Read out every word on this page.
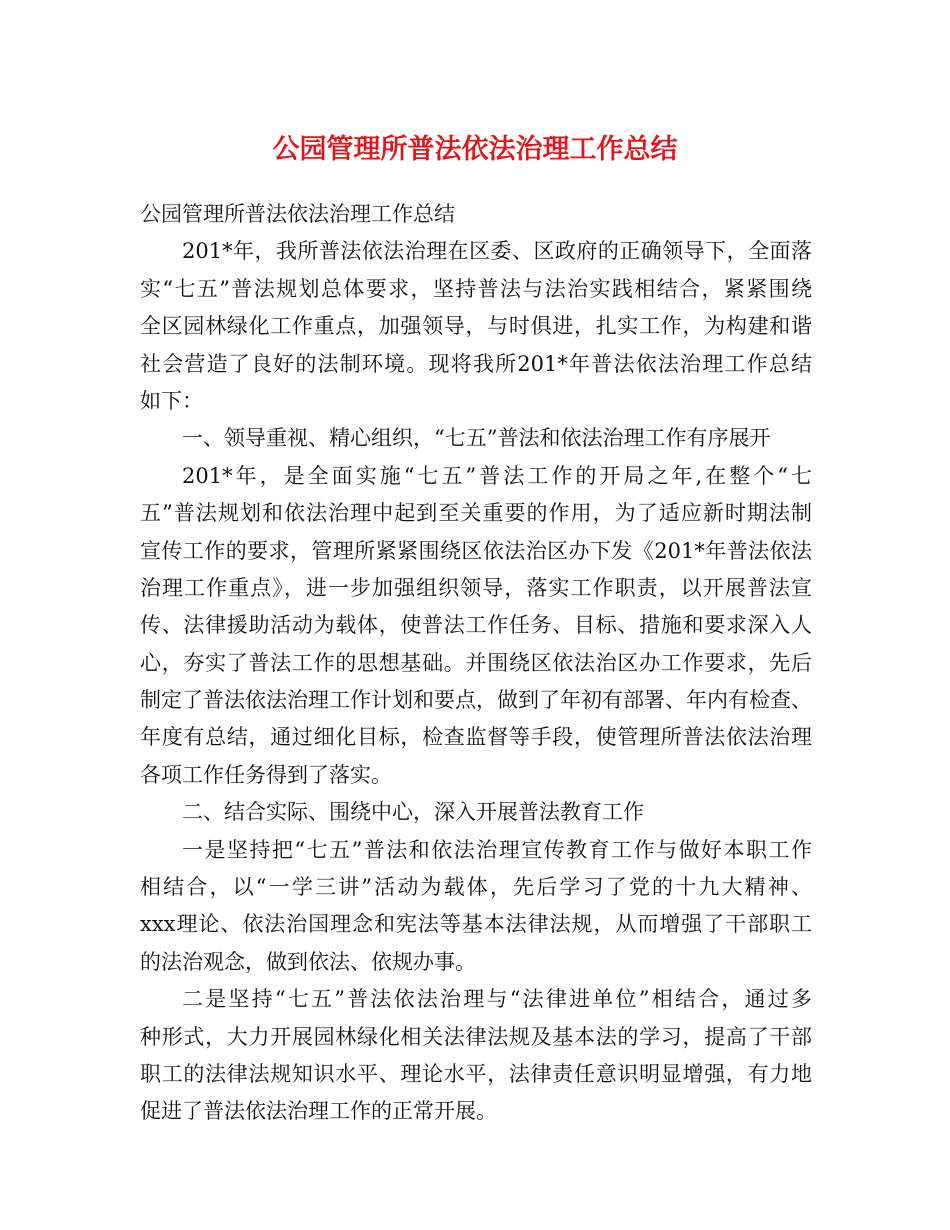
公园管理所普法依法治理工作总结
公园管理所普法依法治理工作总结
201*年，我所普法依法治理在区委、区政府的正确领导下，全面落
实“七五”普法规划总体要求，坚持普法与法治实践相结合，紧紧围绕
全区园林绿化工作重点，加强领导，与时俱进，扎实工作，为构建和谐
社会营造了良好的法制环境。现将我所201*年普法依法治理工作总结
如下：
一、领导重视、精心组织，“七五”普法和依法治理工作有序展开
201*年，是全面实施“七五”普法工作的开局之年,在整个“七
五”普法规划和依法治理中起到至关重要的作用，为了适应新时期法制
宣传工作的要求，管理所紧紧围绕区依法治区办下发《201*年普法依法
治理工作重点》，进一步加强组织领导，落实工作职责，以开展普法宣
传、法律援助活动为载体，使普法工作任务、目标、措施和要求深入人
心，夯实了普法工作的思想基础。并围绕区依法治区办工作要求，先后
制定了普法依法治理工作计划和要点，做到了年初有部署、年内有检查、
年度有总结，通过细化目标，检查监督等手段，使管理所普法依法治理
各项工作任务得到了落实。
二、结合实际、围绕中心，深入开展普法教育工作
一是坚持把“七五”普法和依法治理宣传教育工作与做好本职工作
相结合，以“一学三讲”活动为载体，先后学习了党的十九大精神、
xxx理论、依法治国理念和宪法等基本法律法规，从而增强了干部职工
的法治观念，做到依法、依规办事。
二是坚持“七五”普法依法治理与“法律进单位”相结合，通过多
种形式，大力开展园林绿化相关法律法规及基本法的学习，提高了干部
职工的法律法规知识水平、理论水平，法律责任意识明显增强，有力地
促进了普法依法治理工作的正常开展。
